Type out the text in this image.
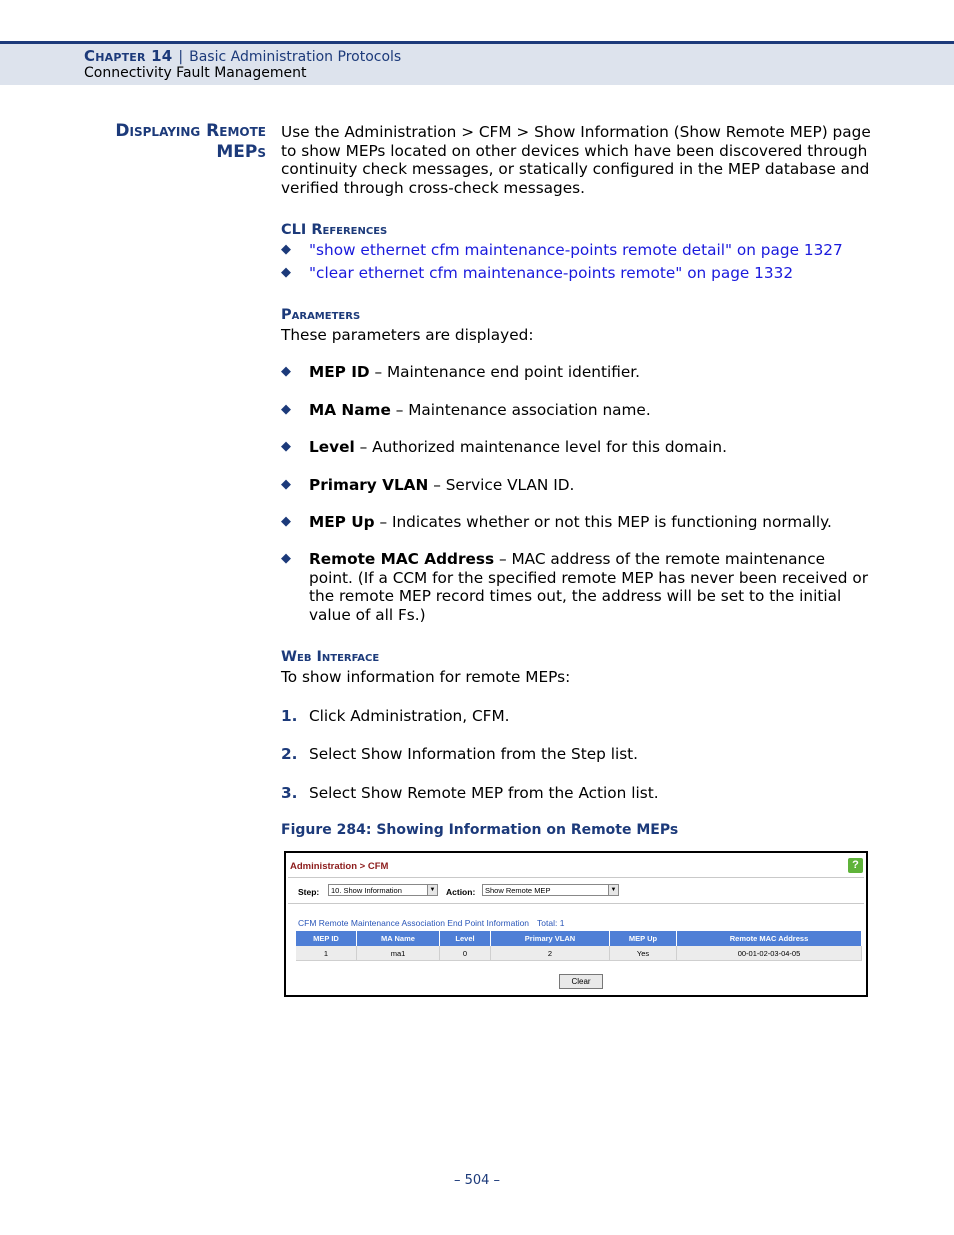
Chapter 14 | Basic Administration Protocols
Connectivity Fault Management
Displaying Remote
MEPs
Use the Administration > CFM > Show Information (Show Remote MEP) page to show MEPs located on other devices which have been discovered through continuity check messages, or statically configured in the MEP database and verified through cross-check messages.
CLI References
◆ "show ethernet cfm maintenance-points remote detail" on page 1327
◆ "clear ethernet cfm maintenance-points remote" on page 1332
Parameters
These parameters are displayed:
◆ MEP ID – Maintenance end point identifier.
◆ MA Name – Maintenance association name.
◆ Level – Authorized maintenance level for this domain.
◆ Primary VLAN – Service VLAN ID.
◆ MEP Up – Indicates whether or not this MEP is functioning normally.
◆ Remote MAC Address – MAC address of the remote maintenance point. (If a CCM for the specified remote MEP has never been received or the remote MEP record times out, the address will be set to the initial value of all Fs.)
Web Interface
To show information for remote MEPs:
1. Click Administration, CFM.
2. Select Show Information from the Step list.
3. Select Show Remote MEP from the Action list.
Figure 284: Showing Information on Remote MEPs
Administration > CFM	?
Step:	10. Show Information	▼ Action:	Show Remote MEP	▼
CFM Remote Maintenance Association End Point Information Total: 1
MEP ID	MA Name	Level	Primary VLAN	MEP Up	Remote MAC Address
1	ma1	0	2	Yes	00-01-02-03-04-05
Clear
– 504 –
